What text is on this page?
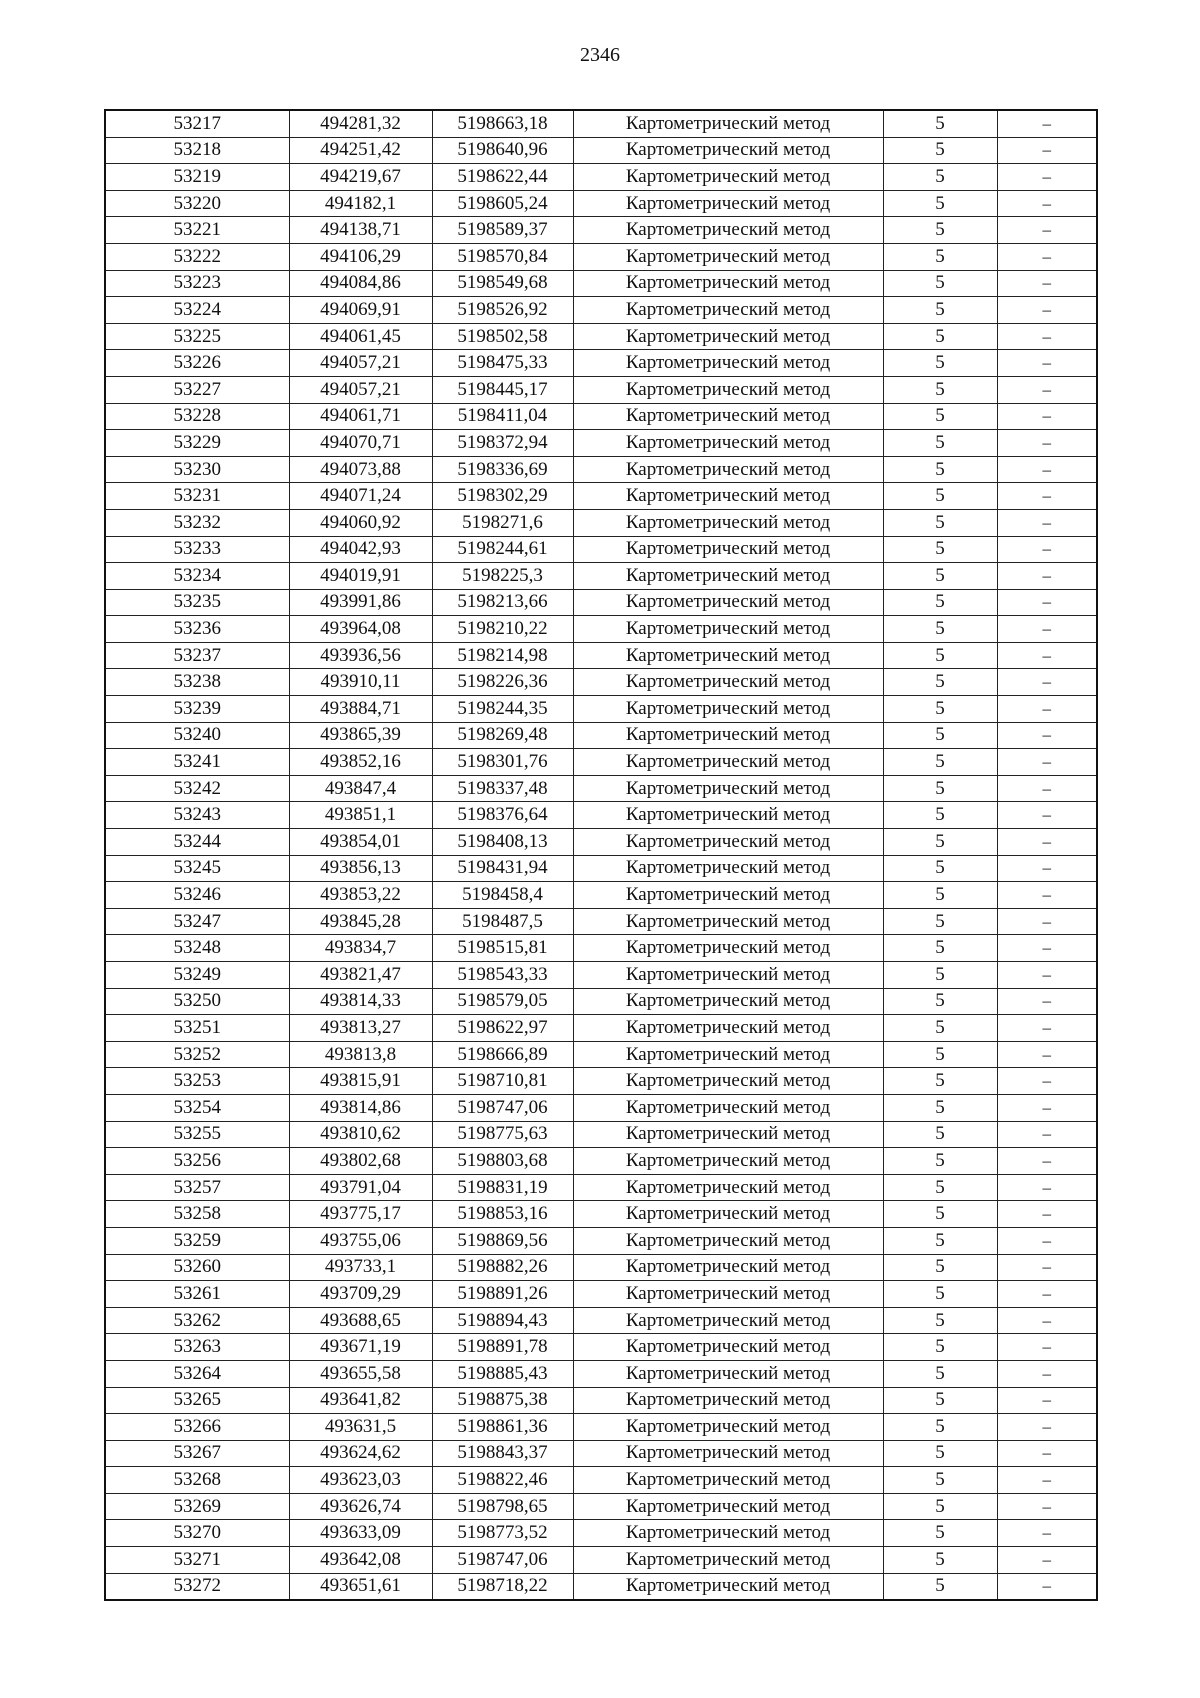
2346
53217	494281,32	5198663,18	Картометрический метод	5	–
53218	494251,42	5198640,96	Картометрический метод	5	–
53219	494219,67	5198622,44	Картометрический метод	5	–
53220	494182,1	5198605,24	Картометрический метод	5	–
53221	494138,71	5198589,37	Картометрический метод	5	–
53222	494106,29	5198570,84	Картометрический метод	5	–
53223	494084,86	5198549,68	Картометрический метод	5	–
53224	494069,91	5198526,92	Картометрический метод	5	–
53225	494061,45	5198502,58	Картометрический метод	5	–
53226	494057,21	5198475,33	Картометрический метод	5	–
53227	494057,21	5198445,17	Картометрический метод	5	–
53228	494061,71	5198411,04	Картометрический метод	5	–
53229	494070,71	5198372,94	Картометрический метод	5	–
53230	494073,88	5198336,69	Картометрический метод	5	–
53231	494071,24	5198302,29	Картометрический метод	5	–
53232	494060,92	5198271,6	Картометрический метод	5	–
53233	494042,93	5198244,61	Картометрический метод	5	–
53234	494019,91	5198225,3	Картометрический метод	5	–
53235	493991,86	5198213,66	Картометрический метод	5	–
53236	493964,08	5198210,22	Картометрический метод	5	–
53237	493936,56	5198214,98	Картометрический метод	5	–
53238	493910,11	5198226,36	Картометрический метод	5	–
53239	493884,71	5198244,35	Картометрический метод	5	–
53240	493865,39	5198269,48	Картометрический метод	5	–
53241	493852,16	5198301,76	Картометрический метод	5	–
53242	493847,4	5198337,48	Картометрический метод	5	–
53243	493851,1	5198376,64	Картометрический метод	5	–
53244	493854,01	5198408,13	Картометрический метод	5	–
53245	493856,13	5198431,94	Картометрический метод	5	–
53246	493853,22	5198458,4	Картометрический метод	5	–
53247	493845,28	5198487,5	Картометрический метод	5	–
53248	493834,7	5198515,81	Картометрический метод	5	–
53249	493821,47	5198543,33	Картометрический метод	5	–
53250	493814,33	5198579,05	Картометрический метод	5	–
53251	493813,27	5198622,97	Картометрический метод	5	–
53252	493813,8	5198666,89	Картометрический метод	5	–
53253	493815,91	5198710,81	Картометрический метод	5	–
53254	493814,86	5198747,06	Картометрический метод	5	–
53255	493810,62	5198775,63	Картометрический метод	5	–
53256	493802,68	5198803,68	Картометрический метод	5	–
53257	493791,04	5198831,19	Картометрический метод	5	–
53258	493775,17	5198853,16	Картометрический метод	5	–
53259	493755,06	5198869,56	Картометрический метод	5	–
53260	493733,1	5198882,26	Картометрический метод	5	–
53261	493709,29	5198891,26	Картометрический метод	5	–
53262	493688,65	5198894,43	Картометрический метод	5	–
53263	493671,19	5198891,78	Картометрический метод	5	–
53264	493655,58	5198885,43	Картометрический метод	5	–
53265	493641,82	5198875,38	Картометрический метод	5	–
53266	493631,5	5198861,36	Картометрический метод	5	–
53267	493624,62	5198843,37	Картометрический метод	5	–
53268	493623,03	5198822,46	Картометрический метод	5	–
53269	493626,74	5198798,65	Картометрический метод	5	–
53270	493633,09	5198773,52	Картометрический метод	5	–
53271	493642,08	5198747,06	Картометрический метод	5	–
53272	493651,61	5198718,22	Картометрический метод	5	–
